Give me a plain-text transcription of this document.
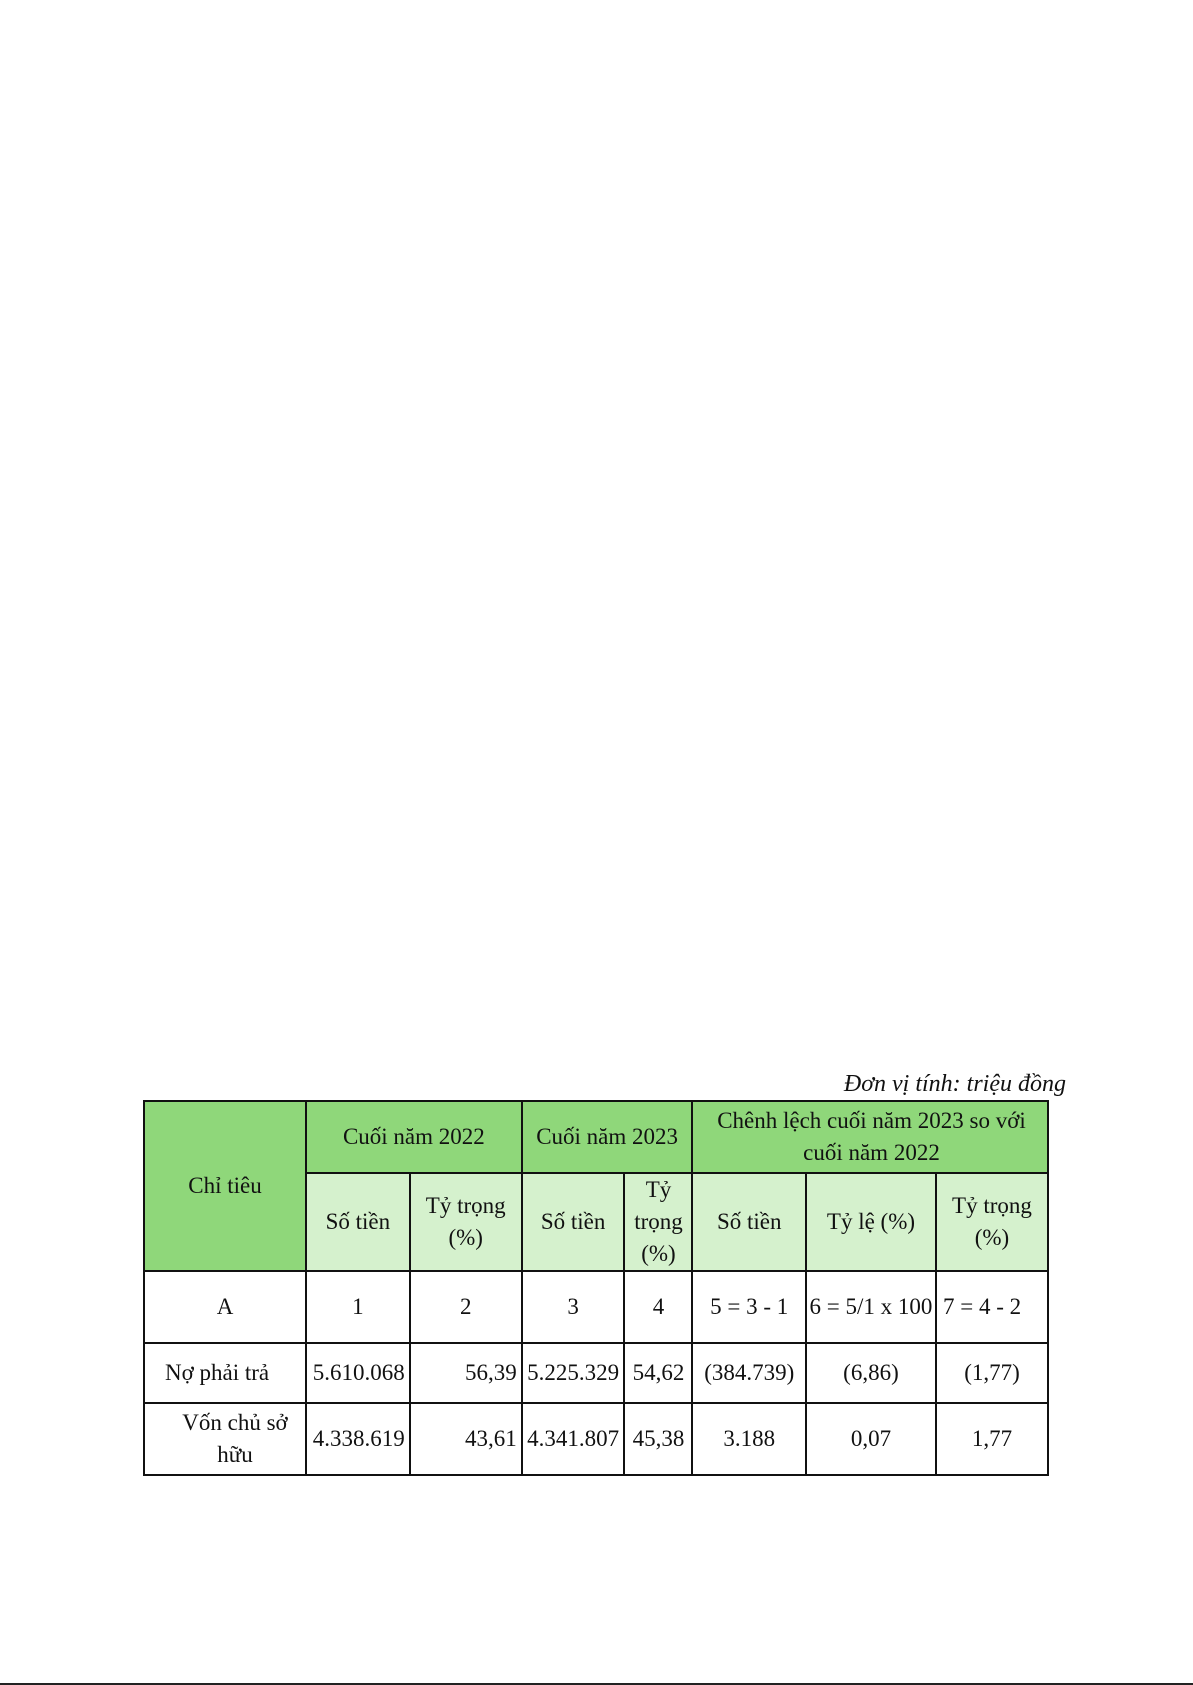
Đơn vị tính: triệu đồng
Chỉ tiêu	Cuối năm 2022		Cuối năm 2023		Chênh lệch cuối năm 2023 so với cuối năm 2022		

	Số tiền	Tỷ trọng (%)	Số tiền	Tỷ trọng (%)	Số tiền	Tỷ lệ (%)	Tỷ trọng (%)

A	1	2	3	4	5 = 3 - 1	6 = 5/1 x 100	7 = 4 - 2
Nợ phải trả	5.610.068	56,39	5.225.329	54,62	(384.739)	(6,86)	(1,77)

Vốn chủ sở hữu	4.338.619	43,61	4.341.807	45,38	3.188	0,07	1,77
